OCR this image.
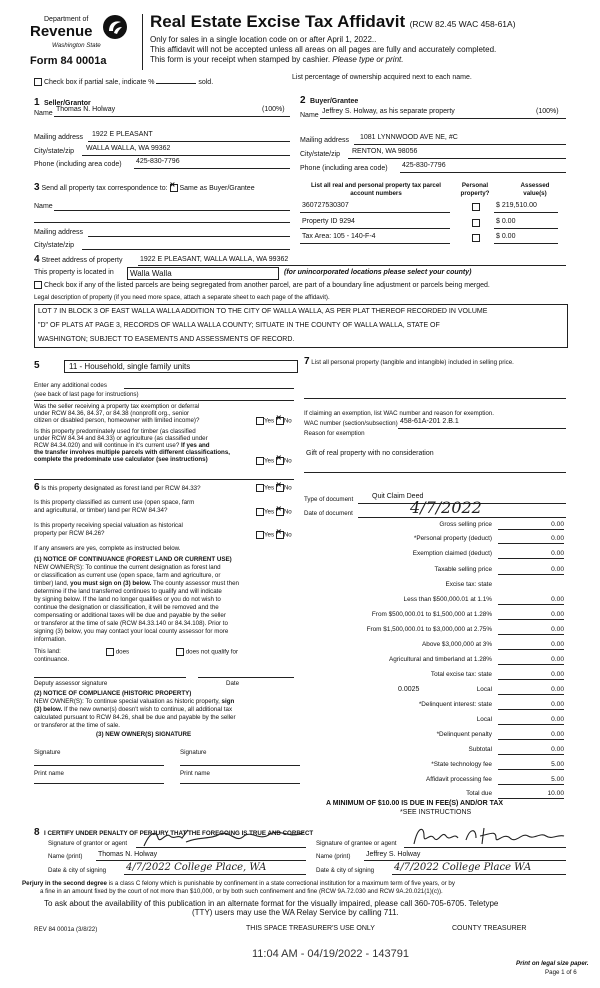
Department of
Revenue
Washington State
Form 84 0001a
Real Estate Excise Tax Affidavit (RCW 82.45 WAC 458-61A)
Only for sales in a single location code on or after April 1, 2022..
This affidavit will not be accepted unless all areas on all pages are fully and accurately completed.
This form is your receipt when stamped by cashier. Please type or print.
Check box if partial sale, indicate %	sold.
List percentage of ownership acquired next to each name.
1 Seller/Grantor
Name
Thomas N. Holway	(100%)
Mailing address 1922 E PLEASANT
City/state/zip WALLA WALLA, WA 99362
Phone (including area code) 425-830-7796
2 Buyer/Grantee
Name
Jeffrey S. Holway, as his separate property	(100%)
Mailing address 1081 LYNNWOOD AVE NE, #C
City/state/zip RENTON, WA 98056
Phone (including area code) 425-830-7796
3 Send all property tax correspondence to: ✕ Same as Buyer/Grantee
Name
Mailing address
City/state/zip
List all real and personal property tax parcel account numbers
Personal property?
Assessed value(s)
360727530307	$ 219,510.00
Property ID 9294	$ 0.00
Tax Area: 105 - 140-F-4	$ 0.00
4 Street address of property	1922 E PLEASANT, WALLA WALLA, WA 99362
This property is located in	Walla Walla	(for unincorporated locations please select your county)
Check box if any of the listed parcels are being segregated from another parcel, are part of a boundary line adjustment or parcels being merged.
Legal description of property (if you need more space, attach a separate sheet to each page of the affidavit).
LOT 7 IN BLOCK 3 OF EAST WALLA WALLA ADDITION TO THE CITY OF WALLA WALLA, AS PER PLAT THEREOF RECORDED IN VOLUME
"D" OF PLATS AT PAGE 3, RECORDS OF WALLA WALLA COUNTY; SITUATE IN THE COUNTY OF WALLA WALLA, STATE OF
WASHINGTON; SUBJECT TO EASEMENTS AND ASSESSMENTS OF RECORD.
5	11 - Household, single family units
Enter any additional codes
(see back of last page for instructions)
Was the seller receiving a property tax exemption or deferral
under RCW 84.36, 84.37, or 84.38 (nonprofit org., senior
citizen or disabled person, homeowner with limited income)?	Yes ✕ No
Is this property predominately used for timber (as classified
under RCW 84.34 and 84.33) or agriculture (as classified under
RCW 84.34.020) and will continue in it's current use? If yes and
the transfer involves multiple parcels with different classifications,
complete the predominate use calculator (see instructions)	Yes ✕ No
6 Is this property designated as forest land per RCW 84.33?	Yes ✕ No
Is this property classified as current use (open space, farm
and agricultural, or timber) land per RCW 84.34?	Yes ✕ No
Is this property receiving special valuation as historical
property per RCW 84.26?	Yes ✕ No
If any answers are yes, complete as instructed below.
(1) NOTICE OF CONTINUANCE (FOREST LAND OR CURRENT USE)
NEW OWNER(S): To continue the current designation as forest land
or classification as current use (open space, farm and agriculture, or
timber) land, you must sign on (3) below. The county assessor must then
determine if the land transferred continues to qualify and will indicate
by signing below. If the land no longer qualifies or you do not wish to
continue the designation or classification, it will be removed and the
compensating or additional taxes will be due and payable by the seller
or transferor at the time of sale (RCW 84.33.140 or 84.34.108). Prior to
signing (3) below, you may contact your local county assessor for more
information.
This land:	does	does not qualify for
continuance.
Deputy assessor signature	Date
(2) NOTICE OF COMPLIANCE (HISTORIC PROPERTY)
NEW OWNER(S): To continue special valuation as historic property, sign
(3) below. If the new owner(s) doesn't wish to continue, all additional tax
calculated pursuant to RCW 84.26, shall be due and payable by the seller
or transferor at the time of sale.
(3) NEW OWNER(S) SIGNATURE
Signature	Signature
Print name	Print name
7 List all personal property (tangible and intangible) included in selling price.
If claiming an exemption, list WAC number and reason for exemption.
WAC number (section/subsection) 458-61A-201 2.B.1
Reason for exemption
Gift of real property with no consideration
Type of document	Quit Claim Deed
Date of document	4/7/2022
Gross selling price	0.00
*Personal property (deduct)	0.00
Exemption claimed (deduct)	0.00
Taxable selling price	0.00
Excise tax: state
Less than $500,000.01 at 1.1%	0.00
From $500,000.01 to $1,500,000 at 1.28%	0.00
From $1,500,000.01 to $3,000,000 at 2.75%	0.00
Above $3,000,000 at 3%	0.00
Agricultural and timberland at 1.28%	0.00
Total excise tax: state	0.00
0.0025	Local	0.00
*Delinquent interest: state	0.00
Local	0.00
*Delinquent penalty	0.00
Subtotal	0.00
*State technology fee	5.00
Affidavit processing fee	5.00
Total due	10.00
A MINIMUM OF $10.00 IS DUE IN FEE(S) AND/OR TAX
*SEE INSTRUCTIONS
8 I CERTIFY UNDER PENALTY OF PERJURY THAT THE FOREGOING IS TRUE AND CORRECT
Signature of grantor or agent
Name (print) Thomas N. Holway
Date & city of signing 4/7/2022 College Place, WA
Signature of grantee or agent
Name (print) Jeffrey S. Holway
Date & city of signing 4/7/2022 College Place WA
Perjury in the second degree is a class C felony which is punishable by confinement in a state correctional institution for a maximum term of five years, or by
a fine in an amount fixed by the court of not more than $10,000, or by both such confinement and fine (RCW 9A.72.030 and RCW 9A.20.021(1)(c)).
To ask about the availability of this publication in an alternate format for the visually impaired, please call 360-705-6705. Teletype
(TTY) users may use the WA Relay Service by calling 711.
REV 84 0001a (3/8/22)	THIS SPACE TREASURER'S USE ONLY	COUNTY TREASURER
11:04 AM - 04/19/2022 - 143791
Print on legal size paper.
Page 1 of 6
